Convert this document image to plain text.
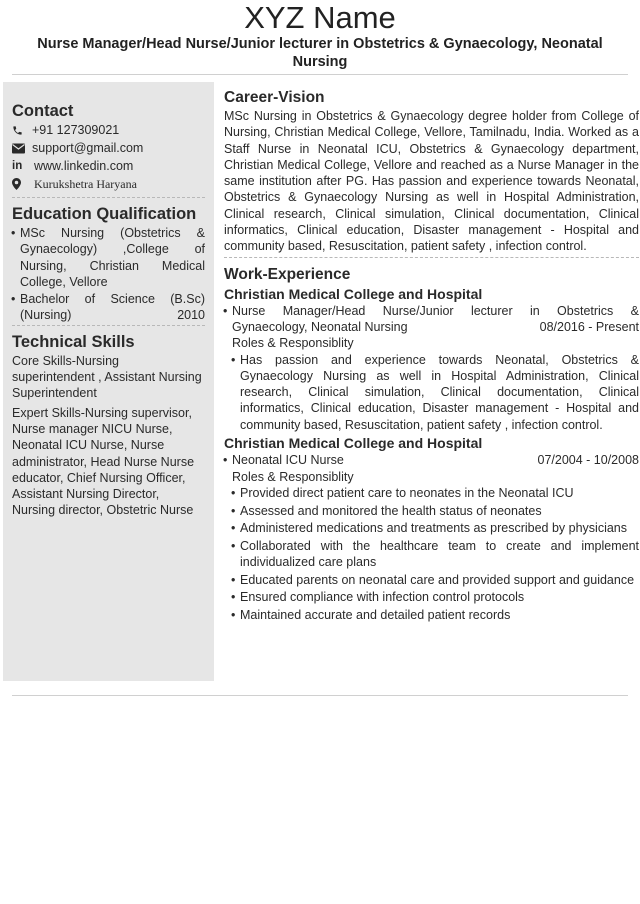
XYZ Name
Nurse Manager/Head Nurse/Junior lecturer in Obstetrics & Gynaecology, Neonatal Nursing
Contact
+91 127309021
support@gmail.com
in www.linkedin.com
Kurukshetra Haryana
Education Qualification
• MSc Nursing (Obstetrics & Gynaecology) ,College of Nursing, Christian Medical College, Vellore
• Bachelor of Science (B.Sc) (Nursing)	2010
Technical Skills
Core Skills-Nursing superintendent , Assistant Nursing Superintendent
Expert Skills-Nursing supervisor, Nurse manager NICU Nurse, Neonatal ICU Nurse, Nurse administrator, Head Nurse Nurse educator, Chief Nursing Officer, Assistant Nursing Director, Nursing director, Obstetric Nurse
Career-Vision
MSc Nursing in Obstetrics & Gynaecology degree holder from College of Nursing, Christian Medical College, Vellore, Tamilnadu, India. Worked as a Staff Nurse in Neonatal ICU, Obstetrics & Gynaecology department, Christian Medical College, Vellore and reached as a Nurse Manager in the same institution after PG. Has passion and experience towards Neonatal, Obstetrics & Gynaecology Nursing as well in Hospital Administration, Clinical research, Clinical simulation, Clinical documentation, Clinical informatics, Clinical education, Disaster management - Hospital and community based, Resuscitation, patient safety , infection control.
Work-Experience
Christian Medical College and Hospital
• Nurse Manager/Head Nurse/Junior lecturer in Obstetrics &
Gynaecology, Neonatal Nursing	08/2016 - Present
Roles & Responsiblity
• Has passion and experience towards Neonatal, Obstetrics & Gynaecology Nursing as well in Hospital Administration, Clinical research, Clinical simulation, Clinical documentation, Clinical informatics, Clinical education, Disaster management - Hospital and community based, Resuscitation, patient safety , infection control.
Christian Medical College and Hospital
• Neonatal ICU Nurse	07/2004 - 10/2008
Roles & Responsiblity
• Provided direct patient care to neonates in the Neonatal ICU
• Assessed and monitored the health status of neonates
• Administered medications and treatments as prescribed by physicians
• Collaborated with the healthcare team to create and implement individualized care plans
• Educated parents on neonatal care and provided support and guidance
• Ensured compliance with infection control protocols
• Maintained accurate and detailed patient records
